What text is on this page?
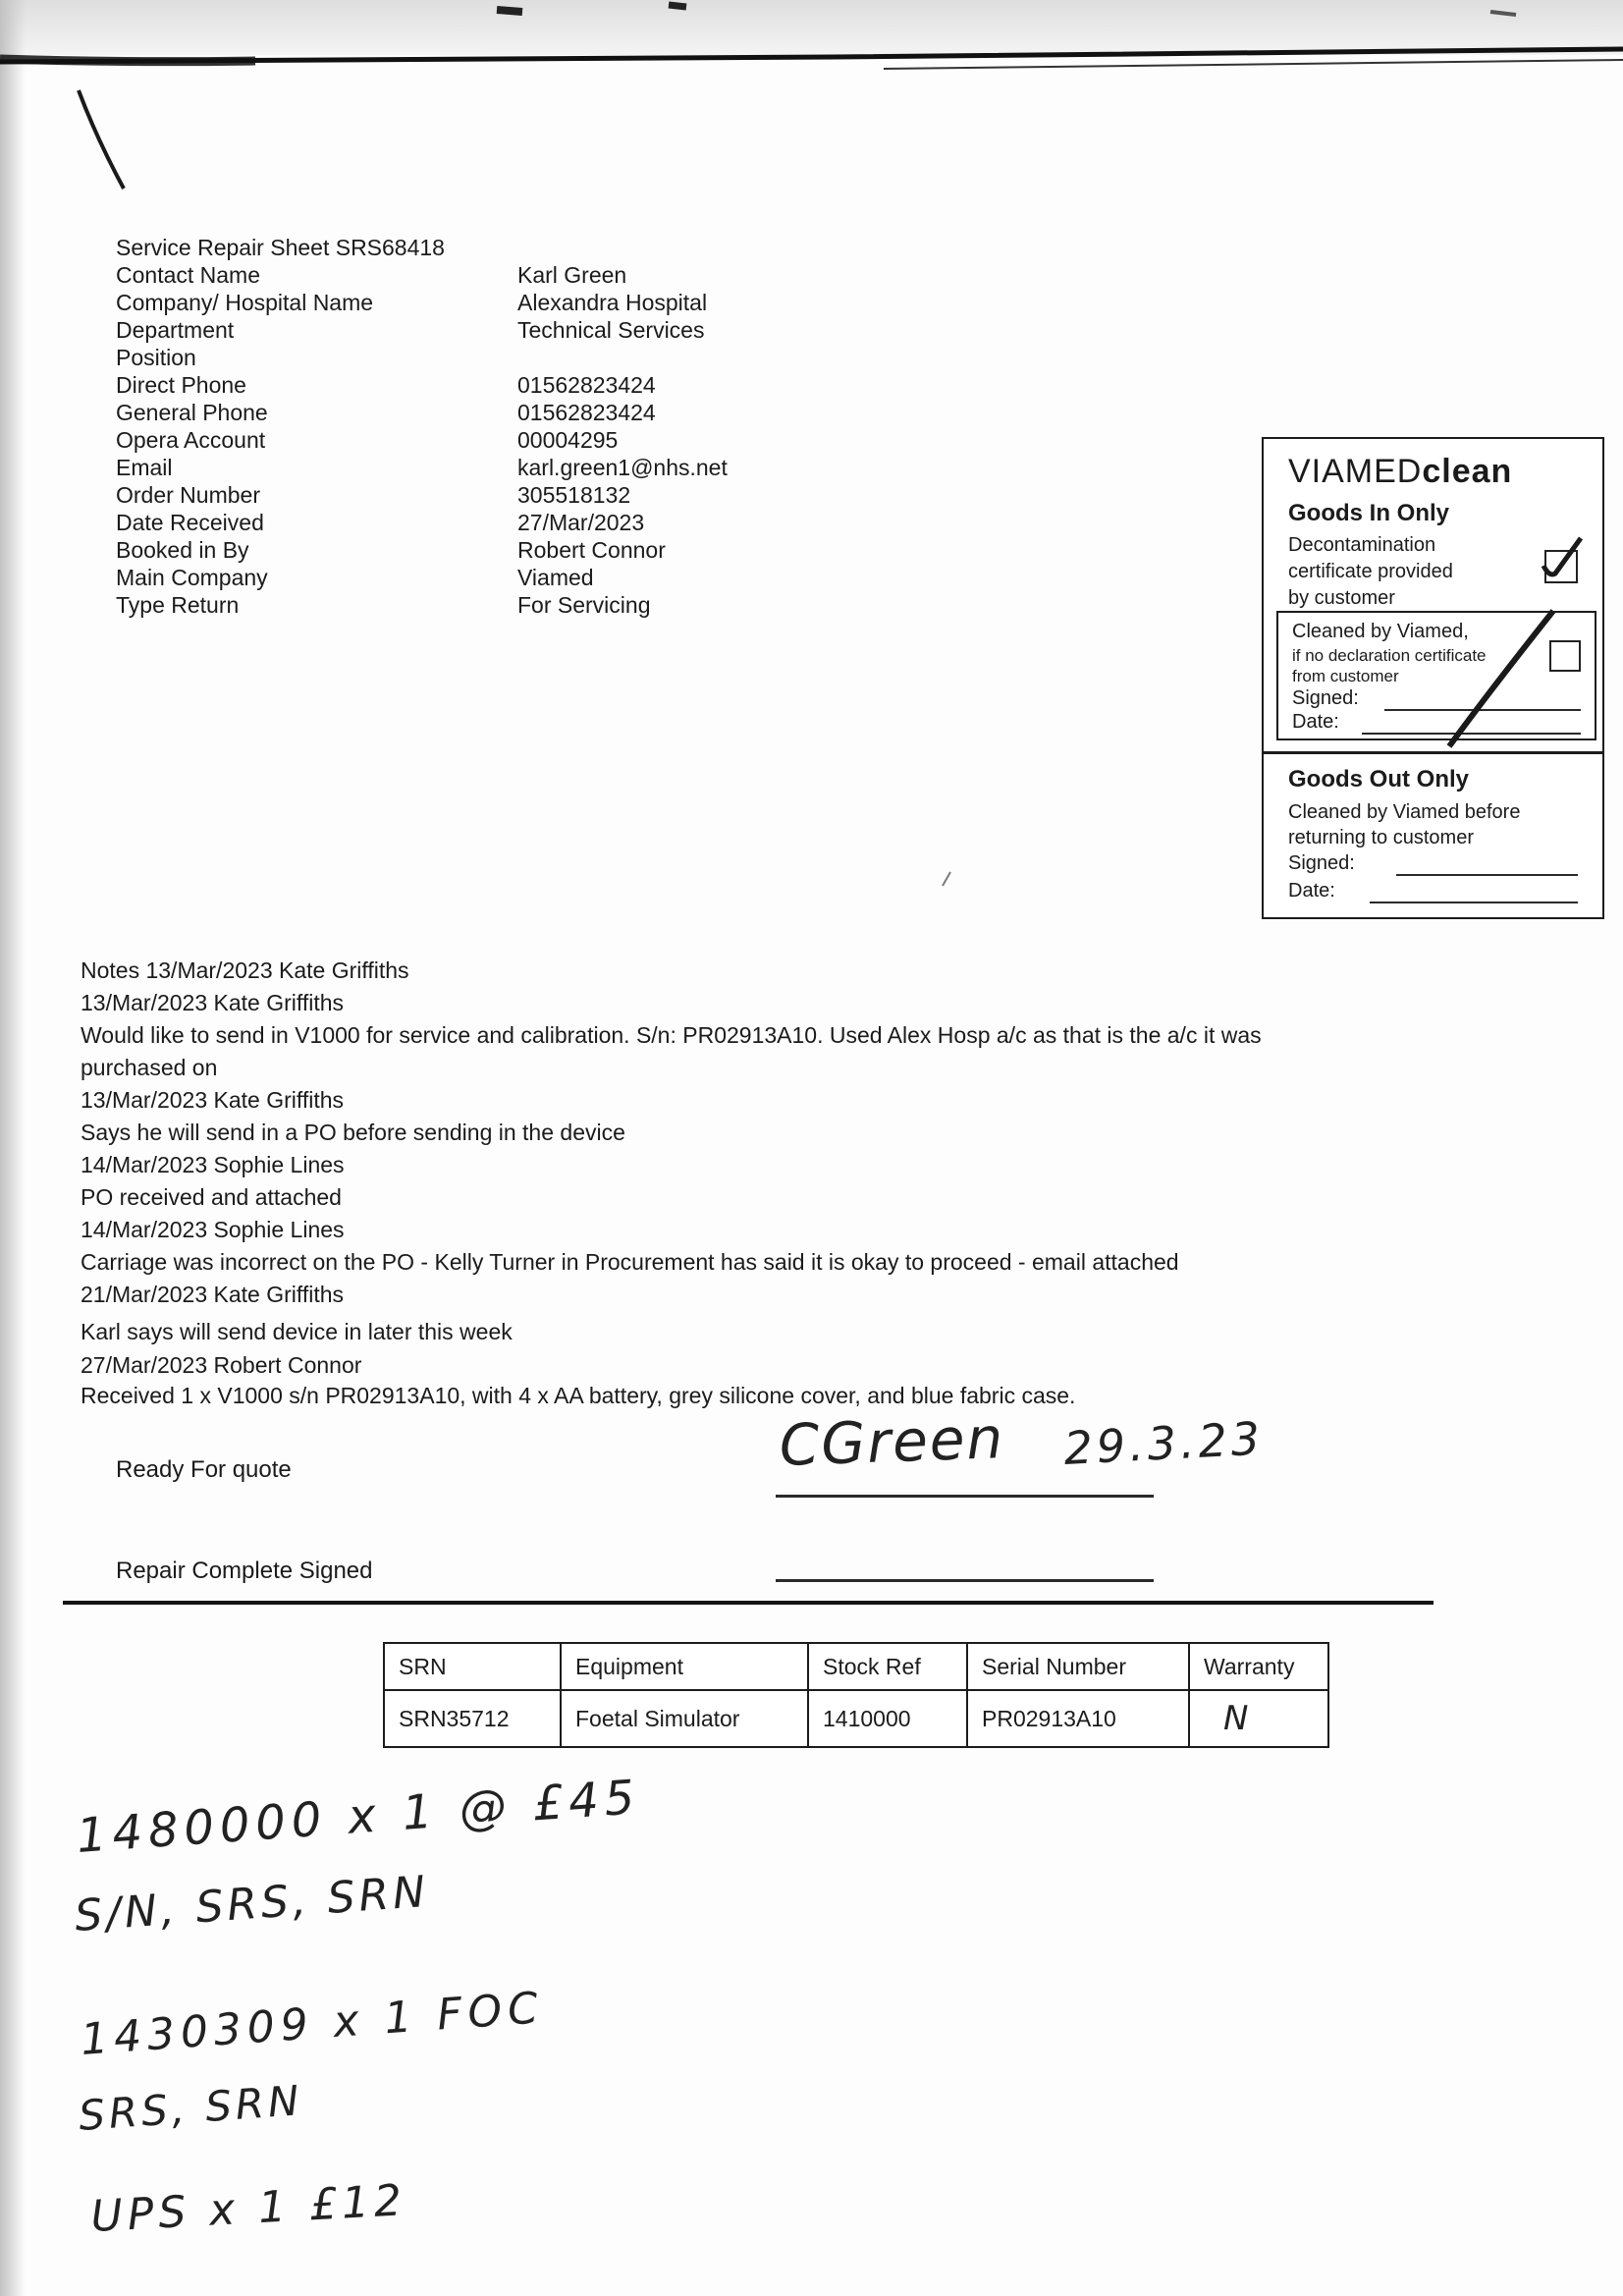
Service Repair Sheet SRS68418
Contact Name	Karl Green
Company/ Hospital Name	Alexandra Hospital
Department	Technical Services
Position
Direct Phone	01562823424
General Phone	01562823424
Opera Account	00004295
Email	karl.green1@nhs.net
Order Number	305518132
Date Received	27/Mar/2023
Booked in By	Robert Connor
Main Company	Viamed
Type Return	For Servicing
VIAMEDclean
Goods In Only
Decontamination
certificate provided
by customer
Cleaned by Viamed,
if no declaration certificate
from customer
Signed:
Date:
Goods Out Only
Cleaned by Viamed before
returning to customer
Signed:
Date:
Notes 13/Mar/2023 Kate Griffiths
13/Mar/2023 Kate Griffiths
Would like to send in V1000 for service and calibration. S/n: PR02913A10. Used Alex Hosp a/c as that is the a/c it was
purchased on
13/Mar/2023 Kate Griffiths
Says he will send in a PO before sending in the device
14/Mar/2023 Sophie Lines
PO received and attached
14/Mar/2023 Sophie Lines
Carriage was incorrect on the PO - Kelly Turner in Procurement has said it is okay to proceed - email attached
21/Mar/2023 Kate Griffiths
Karl says will send device in later this week
27/Mar/2023 Robert Connor
Received 1 x V1000 s/n PR02913A10, with 4 x AA battery, grey silicone cover, and blue fabric case.
Ready For quote	CGreen 29.3.23
Repair Complete Signed
SRN	Equipment	Stock Ref	Serial Number	Warranty
SRN35712	Foetal Simulator	1410000	PR02913A10	N
1480000 x 1 @ £45
S/N, SRS, SRN
1430309 x 1 FOC
SRS, SRN
UPS x 1 £12
